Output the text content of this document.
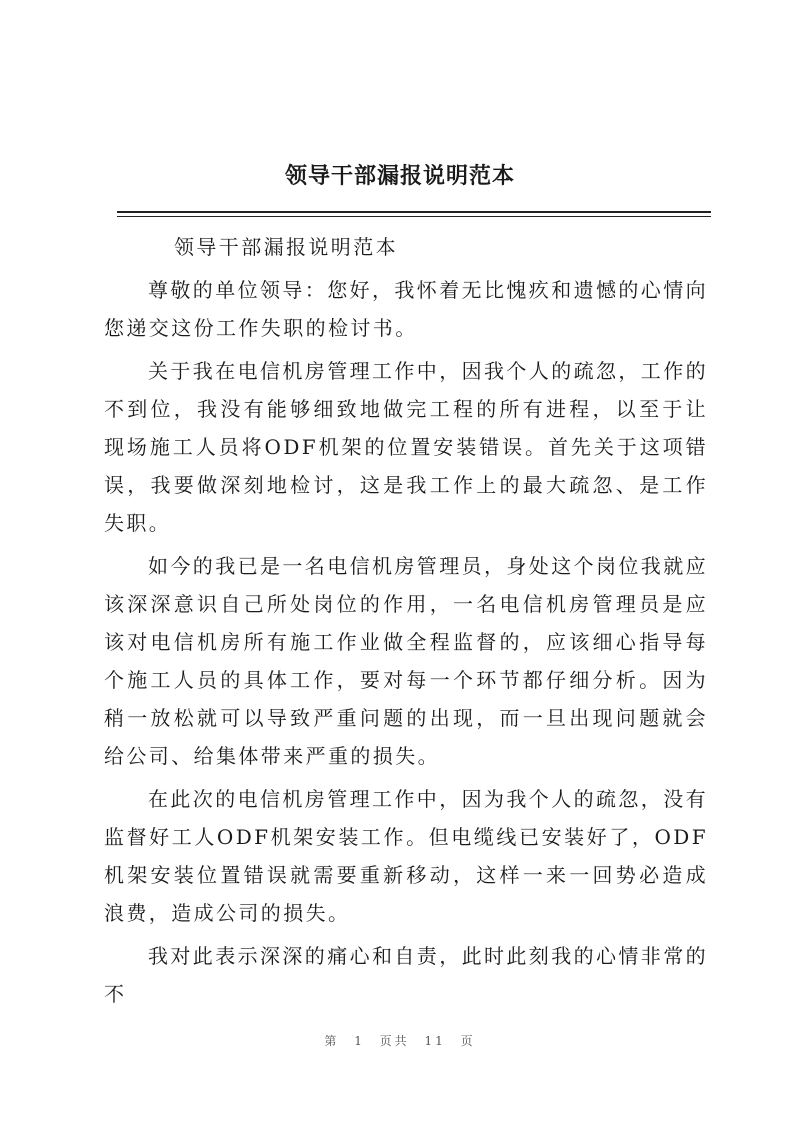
领导干部漏报说明范本

领导干部漏报说明范本

尊敬的单位领导：您好，我怀着无比愧疚和遗憾的心情向您递交这份工作失职的检讨书。

关于我在电信机房管理工作中，因我个人的疏忽，工作的不到位，我没有能够细致地做完工程的所有进程，以至于让现场施工人员将ODF机架的位置安装错误。首先关于这项错误，我要做深刻地检讨，这是我工作上的最大疏忽、是工作失职。

如今的我已是一名电信机房管理员，身处这个岗位我就应该深深意识自己所处岗位的作用，一名电信机房管理员是应该对电信机房所有施工作业做全程监督的，应该细心指导每个施工人员的具体工作，要对每一个环节都仔细分析。因为稍一放松就可以导致严重问题的出现，而一旦出现问题就会给公司、给集体带来严重的损失。

在此次的电信机房管理工作中，因为我个人的疏忽，没有监督好工人ODF机架安装工作。但电缆线已安装好了，ODF机架安装位置错误就需要重新移动，这样一来一回势必造成浪费，造成公司的损失。

我对此表示深深的痛心和自责，此时此刻我的心情非常的不

第 1 页共 11 页
